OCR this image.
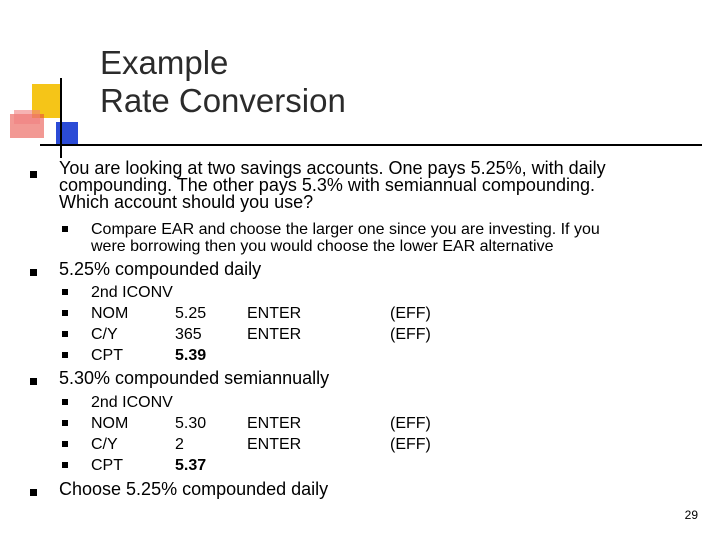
Example
Rate Conversion
You are looking at two savings accounts. One pays 5.25%, with daily
compounding. The other pays 5.3% with semiannual compounding.
Which account should you use?
Compare EAR and choose the larger one since you are investing. If you
were borrowing then you would choose the lower EAR alternative
5.25% compounded daily
2nd ICONV
NOM	5.25	ENTER	(EFF)
C/Y	365	ENTER	(EFF)
CPT	5.39
5.30% compounded semiannually
2nd ICONV
NOM	5.30	ENTER	(EFF)
C/Y	2	ENTER	(EFF)
CPT	5.37
Choose 5.25% compounded daily
29
